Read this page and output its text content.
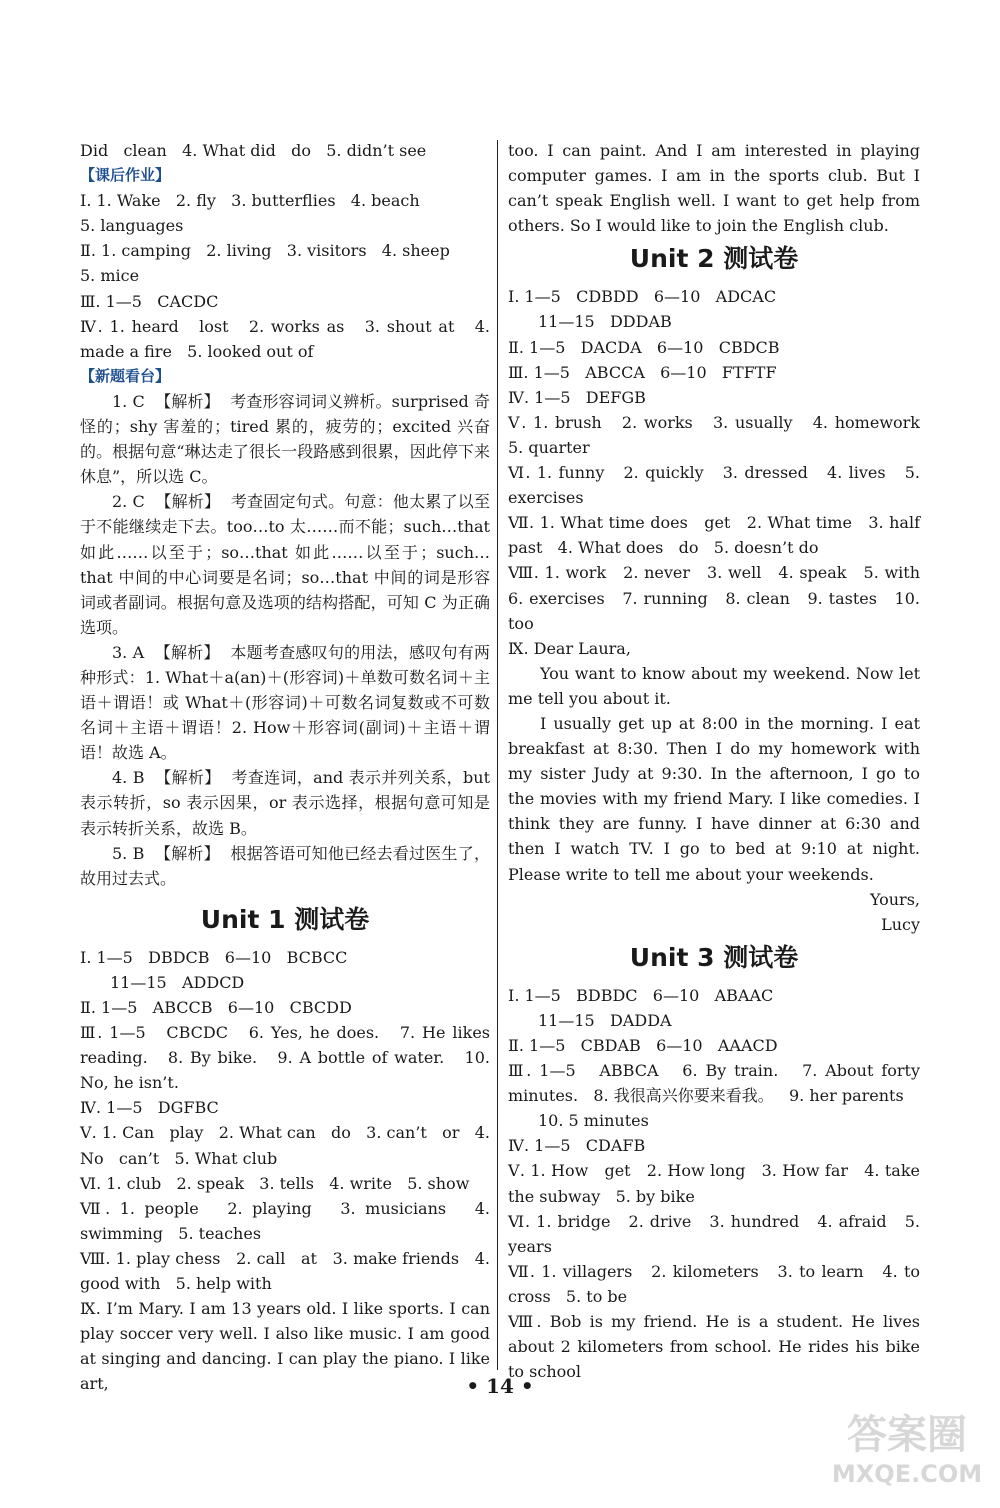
Did   clean   4. What did   do   5. didn’t see
【课后作业】
Ⅰ. 1. Wake   2. fly   3. butterflies   4. beach
5. languages
Ⅱ. 1. camping   2. living   3. visitors   4. sheep
5. mice
Ⅲ. 1—5   CACDC
Ⅳ. 1. heard   lost   2. works as   3. shout at   4. made a fire   5. looked out of
【新题看台】
1. C  【解析】  考查形容词词义辨析。surprised 奇怪的；shy 害羞的；tired 累的，疲劳的；excited 兴奋的。根据句意“琳达走了很长一段路感到很累，因此停下来休息”，所以选 C。
2. C  【解析】  考查固定句式。句意：他太累了以至于不能继续走下去。too…to 太……而不能；such…that 如此……以至于；so…that 如此……以至于；such… that 中间的中心词要是名词；so…that 中间的词是形容词或者副词。根据句意及选项的结构搭配，可知 C 为正确选项。
3. A  【解析】  本题考查感叹句的用法，感叹句有两种形式：1. What＋a(an)＋(形容词)＋单数可数名词＋主语＋谓语！或 What＋(形容词)＋可数名词复数或不可数名词＋主语＋谓语！2. How＋形容词(副词)＋主语＋谓语！故选 A。
4. B  【解析】  考查连词，and 表示并列关系，but 表示转折，so 表示因果，or 表示选择，根据句意可知是表示转折关系，故选 B。
5. B  【解析】  根据答语可知他已经去看过医生了，故用过去式。
Unit 1 测试卷
Ⅰ. 1—5   DBDCB   6—10   BCBCC
11—15   ADDCD
Ⅱ. 1—5   ABCCB   6—10   CBCDD
Ⅲ. 1—5   CBCDC   6. Yes, he does.   7. He likes reading.   8. By bike.   9. A bottle of water.   10. No, he isn’t.
Ⅳ. 1—5   DGFBC
Ⅴ. 1. Can   play   2. What can   do   3. can’t   or   4. No   can’t   5. What club
Ⅵ. 1. club   2. speak   3. tells   4. write   5. show
Ⅶ. 1. people   2. playing   3. musicians   4. swimming   5. teaches
Ⅷ. 1. play chess   2. call   at   3. make friends   4. good with   5. help with
Ⅸ. I’m Mary. I am 13 years old. I like sports. I can play soccer very well. I also like music. I am good at singing and dancing. I can play the piano. I like art,
too. I can paint. And I am interested in playing computer games. I am in the sports club. But I can’t speak English well. I want to get help from others. So I would like to join the English club.
Unit 2 测试卷
Ⅰ. 1—5   CDBDD   6—10   ADCAC
11—15   DDDAB
Ⅱ. 1—5   DACDA   6—10   CBDCB
Ⅲ. 1—5   ABCCA   6—10   FTFTF
Ⅳ. 1—5   DEFGB
Ⅴ. 1. brush   2. works   3. usually   4. homework   5. quarter
Ⅵ. 1. funny   2. quickly   3. dressed   4. lives   5. exercises
Ⅶ. 1. What time does   get   2. What time   3. half past   4. What does   do   5. doesn’t do
Ⅷ. 1. work   2. never   3. well   4. speak   5. with   6. exercises   7. running   8. clean   9. tastes   10. too
Ⅸ. Dear Laura,
You want to know about my weekend. Now let me tell you about it.
I usually get up at 8:00 in the morning. I eat breakfast at 8:30. Then I do my homework with my sister Judy at 9:30. In the afternoon, I go to the movies with my friend Mary. I like comedies. I think they are funny. I have dinner at 6:30 and then I watch TV. I go to bed at 9:10 at night. Please write to tell me about your weekends.
Yours,
Lucy
Unit 3 测试卷
Ⅰ. 1—5   BDBDC   6—10   ABAAC
11—15   DADDA
Ⅱ. 1—5   CBDAB   6—10   AAACD
Ⅲ. 1—5   ABBCA   6. By train.   7. About forty minutes.   8. 我很高兴你要来看我。   9. her parents
10. 5 minutes
Ⅳ. 1—5   CDAFB
Ⅴ. 1. How   get   2. How long   3. How far   4. take the subway   5. by bike
Ⅵ. 1. bridge   2. drive   3. hundred   4. afraid   5. years
Ⅶ. 1. villagers   2. kilometers   3. to learn   4. to cross   5. to be
Ⅷ. Bob is my friend. He is a student. He lives about 2 kilometers from school. He rides his bike to school
• 14 •
答案圈
MXQE.COM
